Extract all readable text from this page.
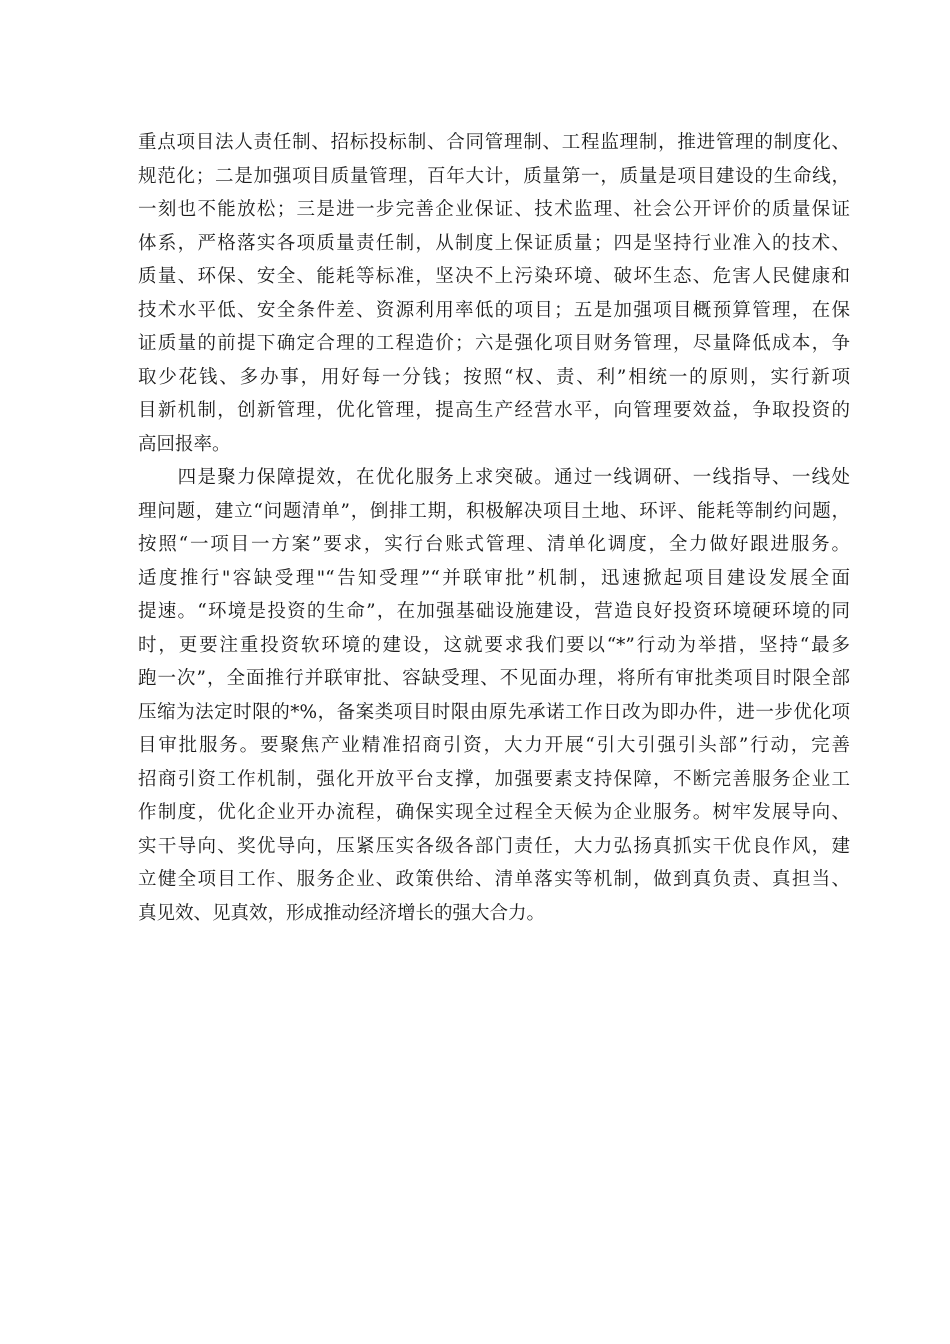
重点项目法人责任制、招标投标制、合同管理制、工程监理制，推进管理的制度化、
规范化；二是加强项目质量管理，百年大计，质量第一，质量是项目建设的生命线，
一刻也不能放松；三是进一步完善企业保证、技术监理、社会公开评价的质量保证
体系，严格落实各项质量责任制，从制度上保证质量；四是坚持行业准入的技术、
质量、环保、安全、能耗等标准，坚决不上污染环境、破坏生态、危害人民健康和
技术水平低、安全条件差、资源利用率低的项目；五是加强项目概预算管理，在保
证质量的前提下确定合理的工程造价；六是强化项目财务管理，尽量降低成本，争
取少花钱、多办事，用好每一分钱；按照“权、责、利”相统一的原则，实行新项
目新机制，创新管理，优化管理，提高生产经营水平，向管理要效益，争取投资的
高回报率。
　　四是聚力保障提效，在优化服务上求突破。通过一线调研、一线指导、一线处
理问题，建立“问题清单”，倒排工期，积极解决项目土地、环评、能耗等制约问题，
按照“一项目一方案”要求，实行台账式管理、清单化调度，全力做好跟进服务。
适度推行"容缺受理"“告知受理”“并联审批”机制，迅速掀起项目建设发展全面
提速。“环境是投资的生命”，在加强基础设施建设，营造良好投资环境硬环境的同
时，更要注重投资软环境的建设，这就要求我们要以“*”行动为举措，坚持“最多
跑一次”，全面推行并联审批、容缺受理、不见面办理，将所有审批类项目时限全部
压缩为法定时限的*%，备案类项目时限由原先承诺工作日改为即办件，进一步优化项
目审批服务。要聚焦产业精准招商引资，大力开展“引大引强引头部”行动，完善
招商引资工作机制，强化开放平台支撑，加强要素支持保障，不断完善服务企业工
作制度，优化企业开办流程，确保实现全过程全天候为企业服务。树牢发展导向、
实干导向、奖优导向，压紧压实各级各部门责任，大力弘扬真抓实干优良作风，建
立健全项目工作、服务企业、政策供给、清单落实等机制，做到真负责、真担当、
真见效、见真效，形成推动经济增长的强大合力。
